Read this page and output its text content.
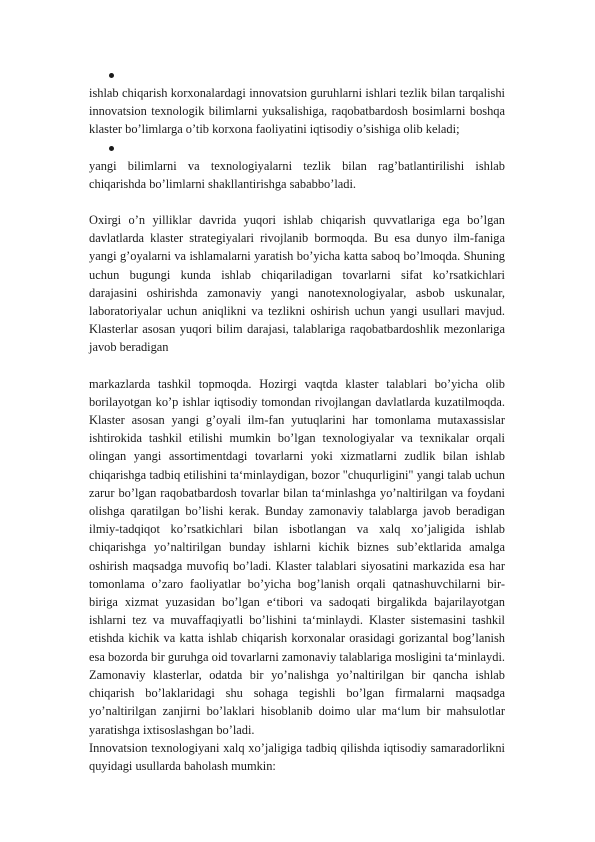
ishlab chiqarish korxonalardagi innovatsion guruhlarni ishlari tezlik bilan tarqalishi innovatsion texnologik bilimlarni yuksalishiga, raqobatbardosh bosimlarni boshqa klaster bo’limlarga o’tib korxona faoliyatini iqtisodiy o’sishiga olib keladi;

yangi bilimlarni va texnologiyalarni tezlik bilan rag’batlantirilishi ishlab chiqarishda bo’limlarni shakllantirishga sababbo’ladi.

Oxirgi o’n yilliklar davrida yuqori ishlab chiqarish quvvatlariga ega bo’lgan davlatlarda klaster strategiyalari rivojlanib bormoqda. Bu esa dunyo ilm-faniga yangi g’oyalarni va ishlamalarni yaratish bo’yicha katta saboq bo’lmoqda. Shuning uchun bugungi kunda ishlab chiqariladigan tovarlarni sifat ko’rsatkichlari darajasini oshirishda zamonaviy yangi nanotexnologiyalar, asbob uskunalar, laboratoriyalar uchun aniqlikni va tezlikni oshirish uchun yangi usullari mavjud. Klasterlar asosan yuqori bilim darajasi, talablariga raqobatbardoshlik mezonlariga javob beradigan

markazlarda tashkil topmoqda. Hozirgi vaqtda klaster talablari bo’yicha olib borilayotgan ko’p ishlar iqtisodiy tomondan rivojlangan davlatlarda kuzatilmoqda. Klaster asosan yangi g’oyali ilm-fan yutuqlarini har tomonlama mutaxassislar ishtirokida tashkil etilishi mumkin bo’lgan texnologiyalar va texnikalar orqali olingan yangi assortimentdagi tovarlarni yoki xizmatlarni zudlik bilan ishlab chiqarishga tadbiq etilishini ta‘minlaydigan, bozor "chuqurligini" yangi talab uchun zarur bo’lgan raqobatbardosh tovarlar bilan ta‘minlashga yo’naltirilgan va foydani olishga qaratilgan bo’lishi kerak. Bunday zamonaviy talablarga javob beradigan ilmiy-tadqiqot ko’rsatkichlari bilan isbotlangan va xalq xo’jaligida ishlab chiqarishga yo’naltirilgan bunday ishlarni kichik biznes sub’ektlarida amalga oshirish maqsadga muvofiq bo’ladi. Klaster talablari siyosatini markazida esa har tomonlama o’zaro faoliyatlar bo’yicha bog’lanish orqali qatnashuvchilarni bir-biriga xizmat yuzasidan bo’lgan e‘tibori va sadoqati birgalikda bajarilayotgan ishlarni tez va muvaffaqiyatli bo’lishini ta‘minlaydi. Klaster sistemasini tashkil etishda kichik va katta ishlab chiqarish korxonalar orasidagi gorizantal bog’lanish esa bozorda bir guruhga oid tovarlarni zamonaviy talablariga mosligini ta‘minlaydi. Zamonaviy klasterlar, odatda bir yo’nalishga yo’naltirilgan bir qancha ishlab chiqarish bo’laklaridagi shu sohaga tegishli bo’lgan firmalarni maqsadga yo’naltirilgan zanjirni bo’laklari hisoblanib doimo ular ma‘lum bir mahsulotlar yaratishga ixtisoslashgan bo’ladi.

Innovatsion texnologiyani xalq xo’jaligiga tadbiq qilishda iqtisodiy samaradorlikni quyidagi usullarda baholash mumkin:
